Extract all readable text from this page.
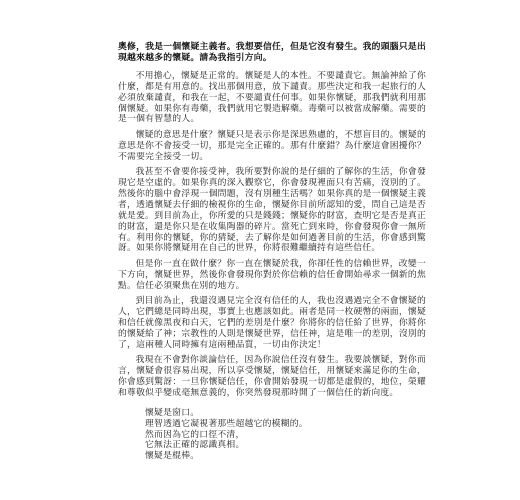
奧修，我是一個懷疑主義者。我想要信任，但是它沒有發生。我的頭腦只是出現越來越多的懷疑。請為我指引方向。

不用擔心，懷疑是正常的。懷疑是人的本性。不要譴責它。無論神給了你什麼，都是有用意的。找出那個用意，放下譴責。那些決定和我一起旅行的人必須放棄譴責，和我在一起，不要譴責任何事。如果你懷疑，那我們就利用那個懷疑。如果你有毒藥，我們就用它製造解藥。毒藥可以被當成解藥。需要的是一個有智慧的人。

懷疑的意思是什麼？懷疑只是表示你是深思熟慮的，不想盲目的。懷疑的意思是你不會接受一切，那是完全正確的。那有什麼錯？為什麼這會困擾你？不需要完全接受一切。

我甚至不會要你接受神，我所要對你說的是仔細的了解你的生活，你會發現它是空虛的。如果你真的深入觀察它，你會發現裡面只有苦痛，沒別的了。然後你的腦中會浮現一個問題，沒有別種生活嗎？如果你真的是一個懷疑主義者，透過懷疑去仔細的檢視你的生命，懷疑你目前所認知的愛，問自己這是否就是愛。到目前為止，你所愛的只是錢錢；懷疑你的財富，查明它是否是真正的財富，還是你只是在收集陶器的碎片。當死亡到來時，你會發現你會一無所有。利用你的懷疑，你的猜疑，去了解你是如何過著目前的生活，你會感到驚訝。如果你將懷疑用在自己的世界，你將很難繼續持有這些信任。

但是你一直在做什麼？你一直在懷疑於我，你卻任性的信賴世界，改變一下方向，懷疑世界，然後你會發現你對於你信賴的信任會開始尋求一個新的焦點。信任必須聚焦在別的地方。

到目前為止，我還沒遇見完全沒有信任的人，我也沒遇過完全不會懷疑的人，它們總是同時出現，事實上也應該如此。兩者是同一枚硬幣的兩面，懷疑和信任就像黑夜和白天，它們的差別是什麼？你將你的信任給了世界，你將你的懷疑給了神；宗教性的人則是懷疑世界，信任神，這是唯一的差別，沒別的了，這兩種人同時擁有這兩種品質，一切由你決定！

我現在不會對你談論信任，因為你說信任沒有發生。我要談懷疑，對你而言，懷疑會很容易出現，所以享受懷疑，懷疑信任，用懷疑來滿足你的生命，你會感到驚訝：一旦你懷疑信任，你會開始發現一切都是虛假的，地位，榮耀和尊敬似乎變成毫無意義的，你突然發現那時開了一個信任的新向度。

懷疑是窗口。
理智透過它凝視著那些超越它的模糊的。
然而因為它的口徑不清，
它無法正確的認識真相。
懷疑是棍棒。
